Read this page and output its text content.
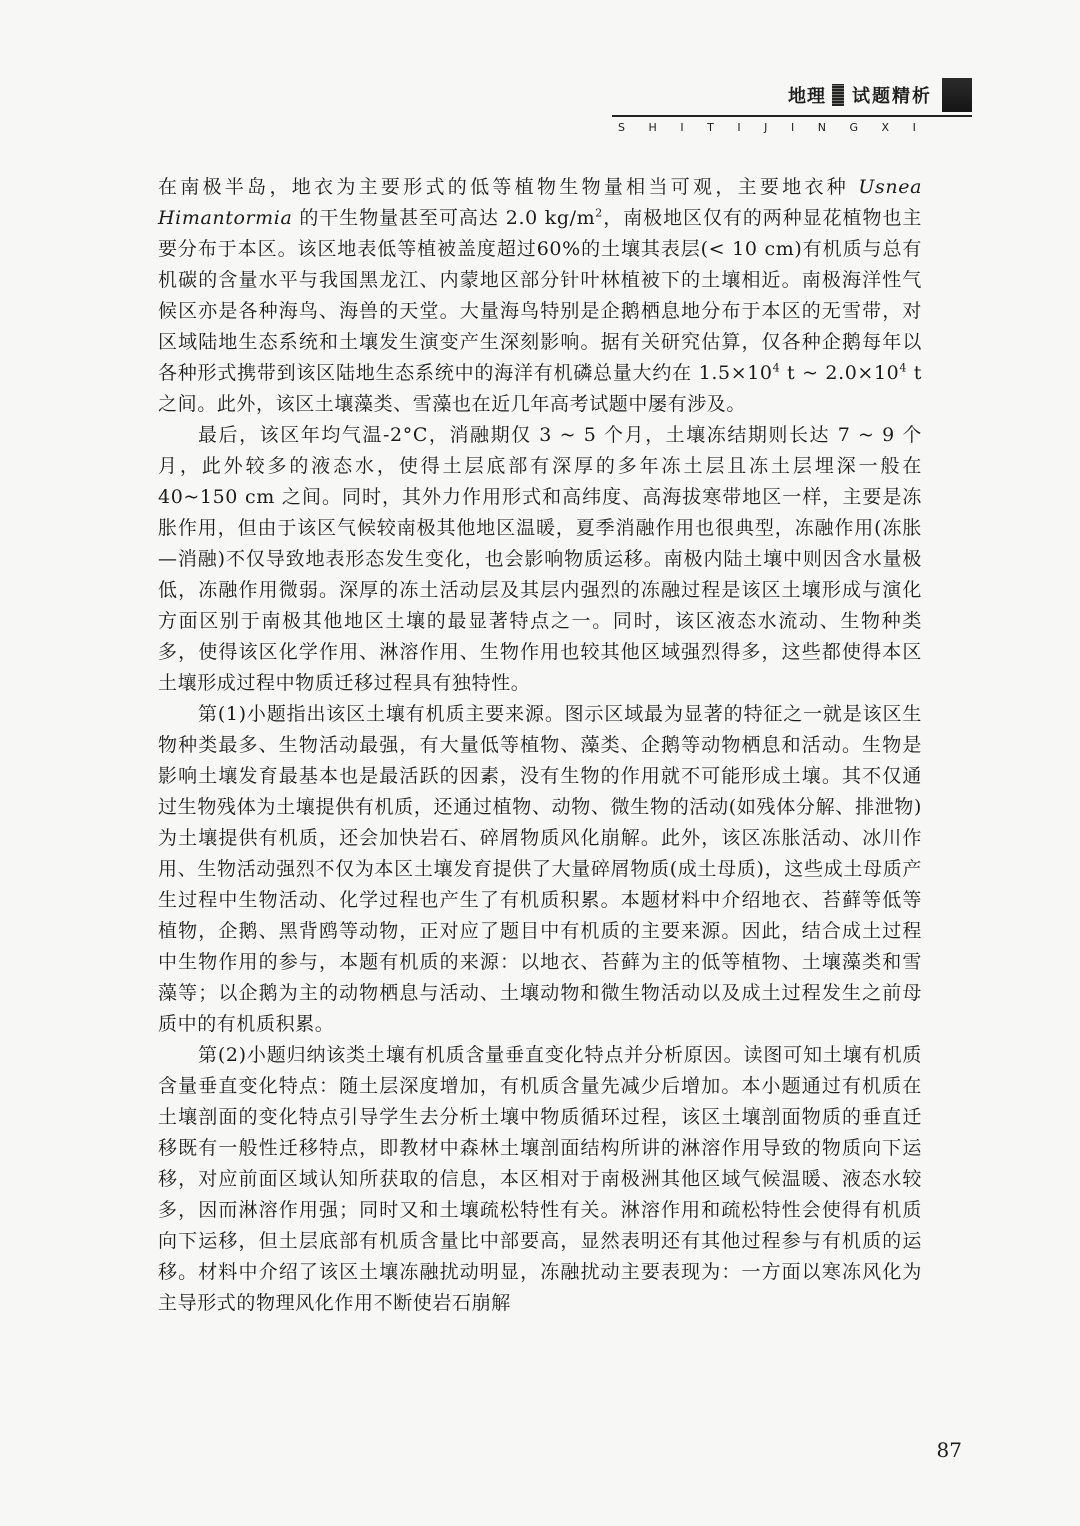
地理 试题精析
S H I T I J I N G X I

在南极半岛，地衣为主要形式的低等植物生物量相当可观，主要地衣种 Usnea Himantormia 的干生物量甚至可高达 2.0 $kg/m^2$，南极地区仅有的两种显花植物也主要分布于本区。该区地表低等植被盖度超过60%的土壤其表层(< 10 cm)有机质与总有机碳的含量水平与我国黑龙江、内蒙地区部分针叶林植被下的土壤相近。南极海洋性气候区亦是各种海鸟、海兽的天堂。大量海鸟特别是企鹅栖息地分布于本区的无雪带，对区域陆地生态系统和土壤发生演变产生深刻影响。据有关研究估算，仅各种企鹅每年以各种形式携带到该区陆地生态系统中的海洋有机磷总量大约在 $1.5\times 10^4$ t ~ $2.0\times 10^4$ t 之间。此外，该区土壤藻类、雪藻也在近几年高考试题中屡有涉及。

最后，该区年均气温-2°C，消融期仅 3 ~ 5 个月，土壤冻结期则长达 7 ~ 9 个月，此外较多的液态水，使得土层底部有深厚的多年冻土层且冻土层埋深一般在 40~150 cm 之间。同时，其外力作用形式和高纬度、高海拔寒带地区一样，主要是冻胀作用，但由于该区气候较南极其他地区温暖，夏季消融作用也很典型，冻融作用(冻胀—消融)不仅导致地表形态发生变化，也会影响物质运移。南极内陆土壤中则因含水量极低，冻融作用微弱。深厚的冻土活动层及其层内强烈的冻融过程是该区土壤形成与演化方面区别于南极其他地区土壤的最显著特点之一。同时，该区液态水流动、生物种类多，使得该区化学作用、淋溶作用、生物作用也较其他区域强烈得多，这些都使得本区土壤形成过程中物质迁移过程具有独特性。

第(1)小题指出该区土壤有机质主要来源。图示区域最为显著的特征之一就是该区生物种类最多、生物活动最强，有大量低等植物、藻类、企鹅等动物栖息和活动。生物是影响土壤发育最基本也是最活跃的因素，没有生物的作用就不可能形成土壤。其不仅通过生物残体为土壤提供有机质，还通过植物、动物、微生物的活动(如残体分解、排泄物)为土壤提供有机质，还会加快岩石、碎屑物质风化崩解。此外，该区冻胀活动、冰川作用、生物活动强烈不仅为本区土壤发育提供了大量碎屑物质(成土母质)，这些成土母质产生过程中生物活动、化学过程也产生了有机质积累。本题材料中介绍地衣、苔藓等低等植物，企鹅、黑背鸥等动物，正对应了题目中有机质的主要来源。因此，结合成土过程中生物作用的参与，本题有机质的来源：以地衣、苔藓为主的低等植物、土壤藻类和雪藻等；以企鹅为主的动物栖息与活动、土壤动物和微生物活动以及成土过程发生之前母质中的有机质积累。

第(2)小题归纳该类土壤有机质含量垂直变化特点并分析原因。读图可知土壤有机质含量垂直变化特点：随土层深度增加，有机质含量先减少后增加。本小题通过有机质在土壤剖面的变化特点引导学生去分析土壤中物质循环过程，该区土壤剖面物质的垂直迁移既有一般性迁移特点，即教材中森林土壤剖面结构所讲的淋溶作用导致的物质向下运移，对应前面区域认知所获取的信息，本区相对于南极洲其他区域气候温暖、液态水较多，因而淋溶作用强；同时又和土壤疏松特性有关。淋溶作用和疏松特性会使得有机质向下运移，但土层底部有机质含量比中部要高，显然表明还有其他过程参与有机质的运移。材料中介绍了该区土壤冻融扰动明显，冻融扰动主要表现为：一方面以寒冻风化为主导形式的物理风化作用不断使岩石崩解

87
